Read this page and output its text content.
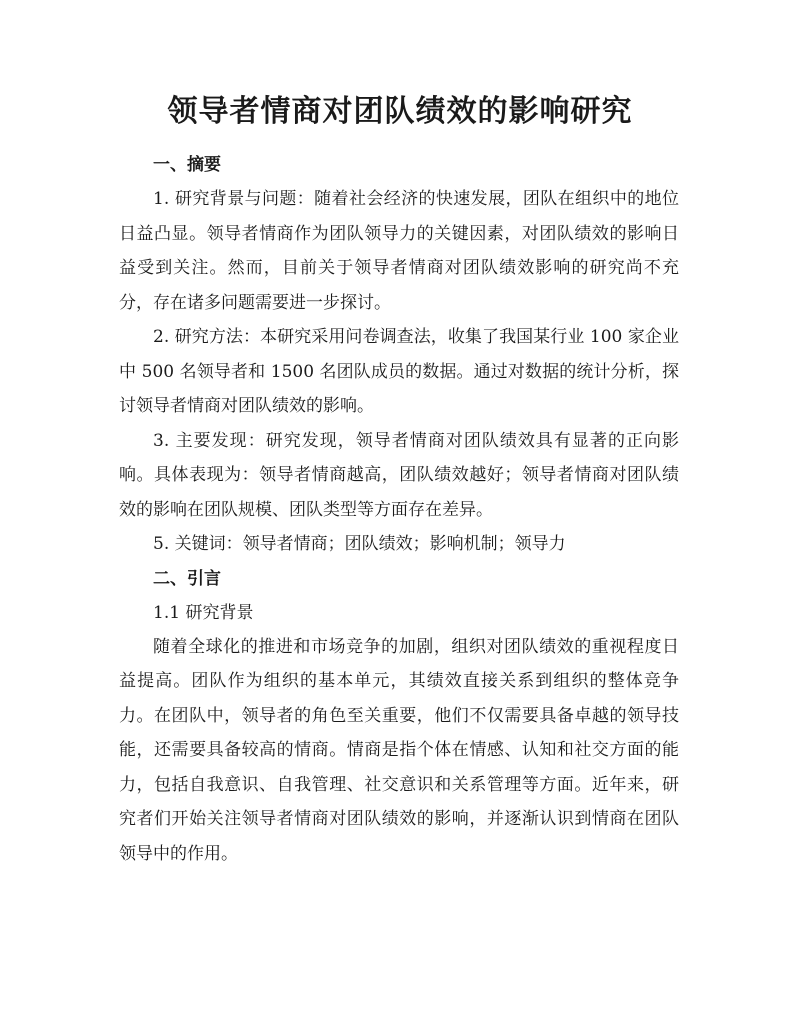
领导者情商对团队绩效的影响研究
一、摘要

1. 研究背景与问题：随着社会经济的快速发展，团队在组织中的地位日益凸显。领导者情商作为团队领导力的关键因素，对团队绩效的影响日益受到关注。然而，目前关于领导者情商对团队绩效影响的研究尚不充分，存在诸多问题需要进一步探讨。

2. 研究方法：本研究采用问卷调查法，收集了我国某行业 100 家企业中 500 名领导者和 1500 名团队成员的数据。通过对数据的统计分析，探讨领导者情商对团队绩效的影响。

3. 主要发现：研究发现，领导者情商对团队绩效具有显著的正向影响。具体表现为：领导者情商越高，团队绩效越好；领导者情商对团队绩效的影响在团队规模、团队类型等方面存在差异。

5. 关键词：领导者情商；团队绩效；影响机制；领导力

二、引言

1.1 研究背景

随着全球化的推进和市场竞争的加剧，组织对团队绩效的重视程度日益提高。团队作为组织的基本单元，其绩效直接关系到组织的整体竞争力。在团队中，领导者的角色至关重要，他们不仅需要具备卓越的领导技能，还需要具备较高的情商。情商是指个体在情感、认知和社交方面的能力，包括自我意识、自我管理、社交意识和关系管理等方面。近年来，研究者们开始关注领导者情商对团队绩效的影响，并逐渐认识到情商在团队领导中的作用。
